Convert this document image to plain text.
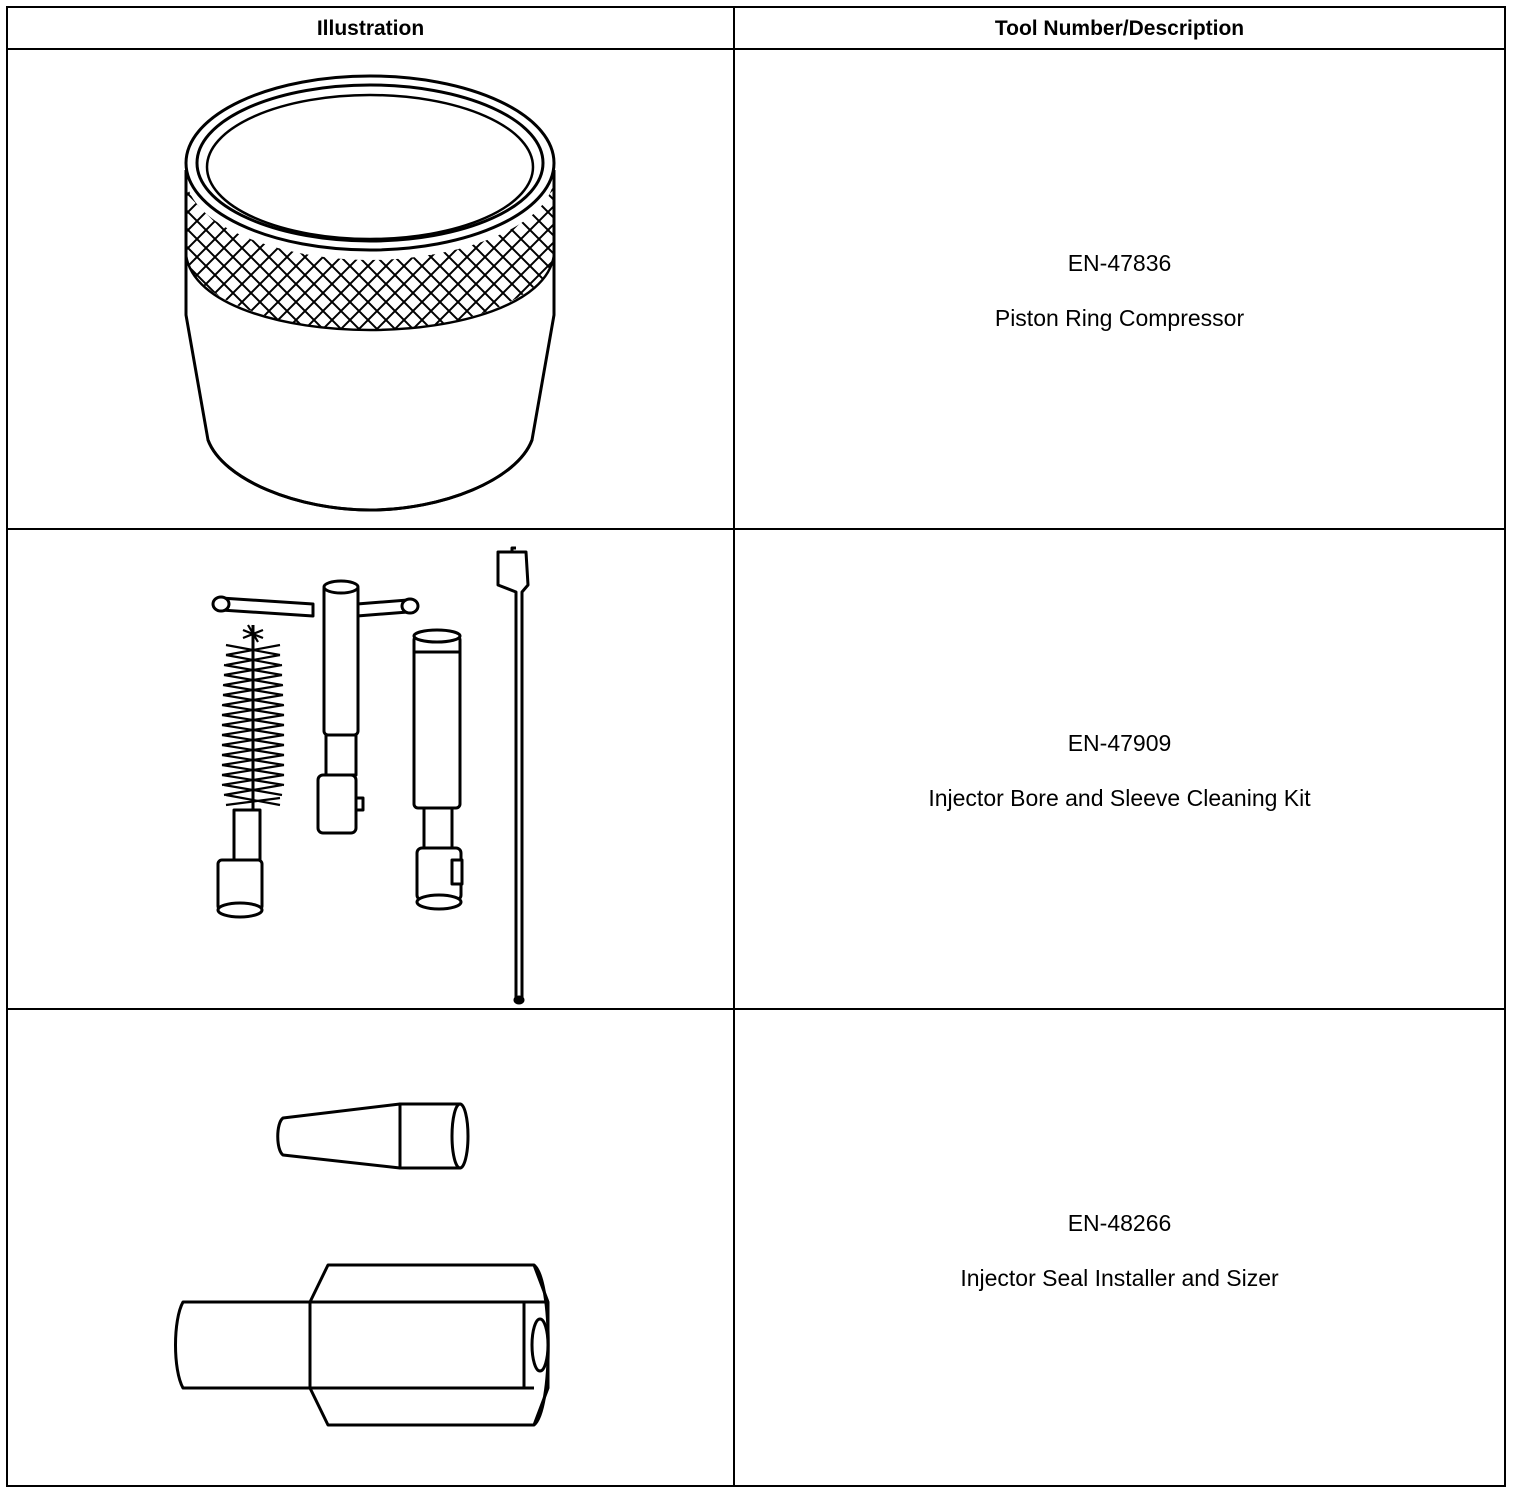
Illustration	Tool Number/Description
EN-47836
Piston Ring Compressor
EN-47909
Injector Bore and Sleeve Cleaning Kit
EN-48266
Injector Seal Installer and Sizer
